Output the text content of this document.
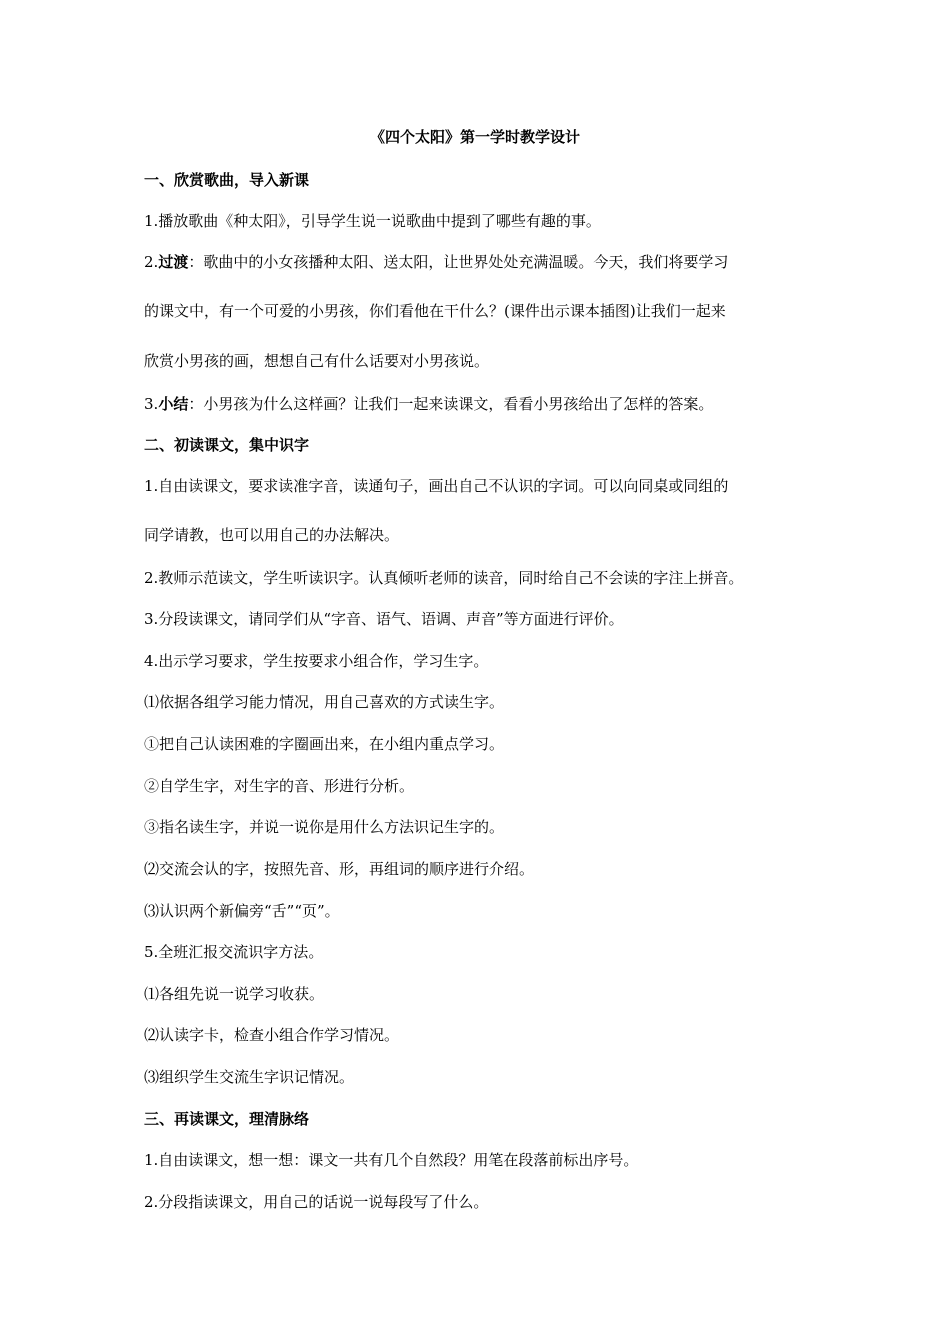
《四个太阳》第一学时教学设计
一、欣赏歌曲，导入新课
1.播放歌曲《种太阳》，引导学生说一说歌曲中提到了哪些有趣的事。
2.过渡：歌曲中的小女孩播种太阳、送太阳，让世界处处充满温暖。今天，我们将要学习
的课文中，有一个可爱的小男孩，你们看他在干什么？(课件出示课本插图)让我们一起来
欣赏小男孩的画，想想自己有什么话要对小男孩说。
3.小结：小男孩为什么这样画？让我们一起来读课文，看看小男孩给出了怎样的答案。
二、初读课文，集中识字
1.自由读课文，要求读准字音，读通句子，画出自己不认识的字词。可以向同桌或同组的
同学请教，也可以用自己的办法解决。
2.教师示范读文，学生听读识字。认真倾听老师的读音，同时给自己不会读的字注上拼音。
3.分段读课文，请同学们从“字音、语气、语调、声音”等方面进行评价。
4.出示学习要求，学生按要求小组合作，学习生字。
⑴依据各组学习能力情况，用自己喜欢的方式读生字。
①把自己认读困难的字圈画出来，在小组内重点学习。
②自学生字，对生字的音、形进行分析。
③指名读生字，并说一说你是用什么方法识记生字的。
⑵交流会认的字，按照先音、形，再组词的顺序进行介绍。
⑶认识两个新偏旁“舌”“页”。
5.全班汇报交流识字方法。
⑴各组先说一说学习收获。
⑵认读字卡，检查小组合作学习情况。
⑶组织学生交流生字识记情况。
三、再读课文，理清脉络
1.自由读课文，想一想：课文一共有几个自然段？用笔在段落前标出序号。
2.分段指读课文，用自己的话说一说每段写了什么。
